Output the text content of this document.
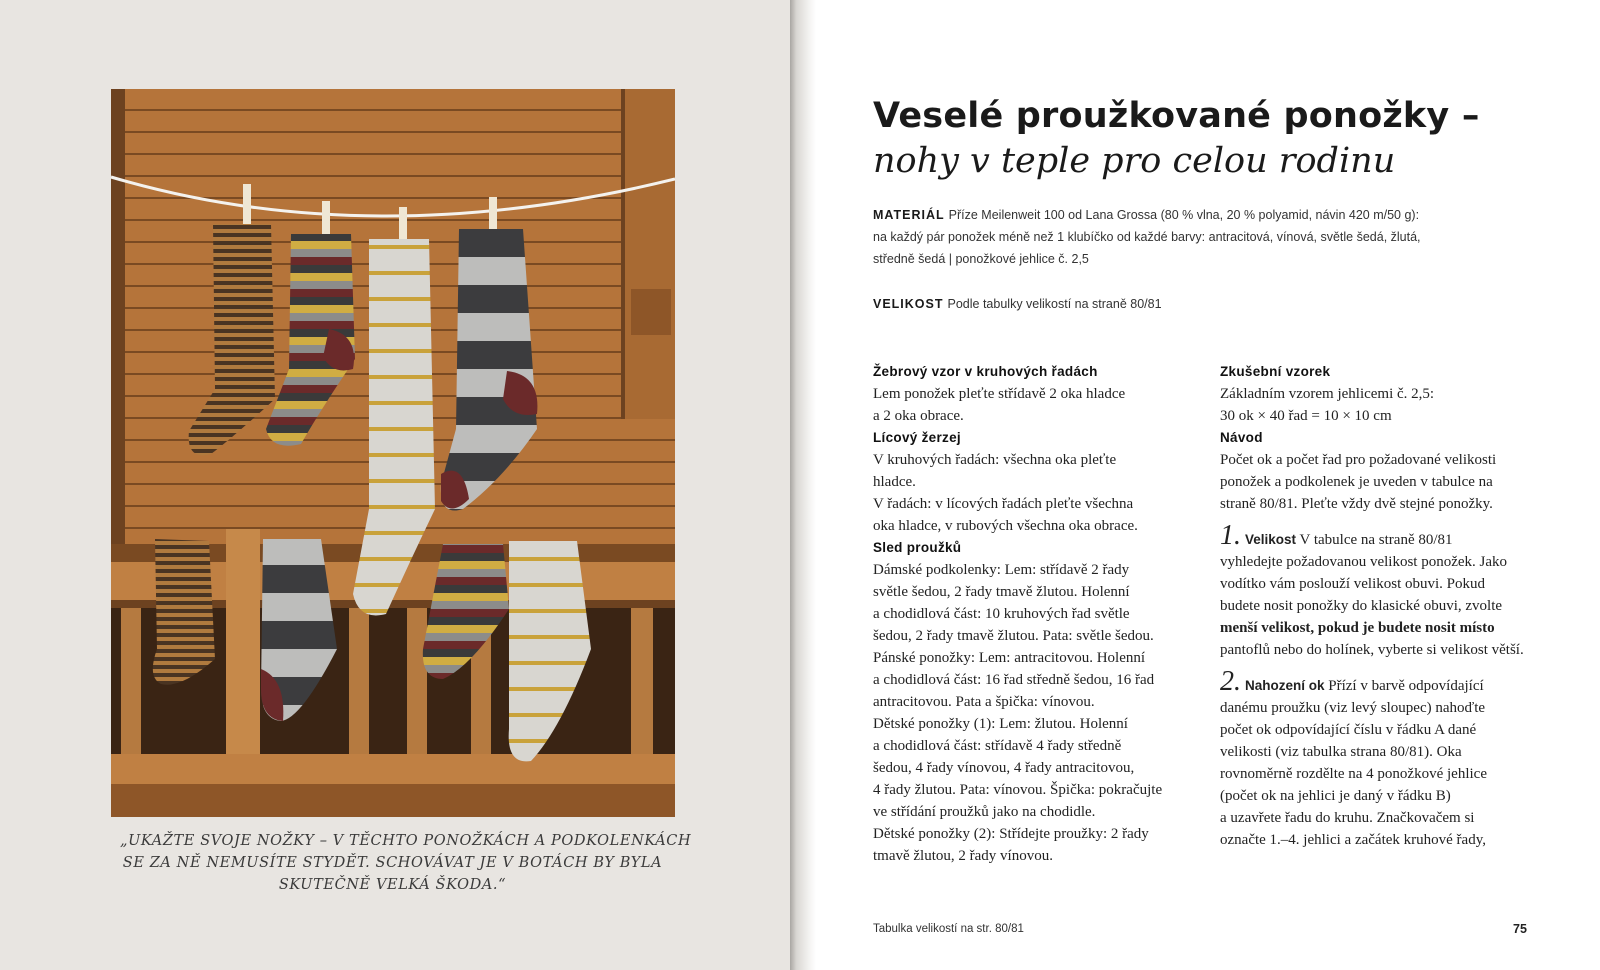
„UKAŽTE SVOJE NOŽKY – V TĚCHTO PONOŽKÁCH A PODKOLENKÁCH
SE ZA NĚ NEMUSÍTE STYDĚT. SCHOVÁVAT JE V BOTÁCH BY BYLA
SKUTEČNĚ VELKÁ ŠKODA.“
Veselé proužkované ponožky –
nohy v teple pro celou rodinu
MATERIÁL Příze Meilenweit 100 od Lana Grossa (80 % vlna, 20 % polyamid, návin 420 m/50 g):
na každý pár ponožek méně než 1 klubíčko od každé barvy: antracitová, vínová, světle šedá, žlutá,
středně šedá | ponožkové jehlice č. 2,5
VELIKOST Podle tabulky velikostí na straně 80/81
Žebrový vzor v kruhových řadách
Lem ponožek pleťte střídavě 2 oka hladce
a 2 oka obrace.
Lícový žerzej
V kruhových řadách: všechna oka pleťte
hladce.
V řadách: v lícových řadách pleťte všechna
oka hladce, v rubových všechna oka obrace.
Sled proužků
Dámské podkolenky: Lem: střídavě 2 řady
světle šedou, 2 řady tmavě žlutou. Holenní
a chodidlová část: 10 kruhových řad světle
šedou, 2 řady tmavě žlutou. Pata: světle šedou.
Pánské ponožky: Lem: antracitovou. Holenní
a chodidlová část: 16 řad středně šedou, 16 řad
antracitovou. Pata a špička: vínovou.
Dětské ponožky (1): Lem: žlutou. Holenní
a chodidlová část: střídavě 4 řady středně
šedou, 4 řady vínovou, 4 řady antracitovou,
4 řady žlutou. Pata: vínovou. Špička: pokračujte
ve střídání proužků jako na chodidle.
Dětské ponožky (2): Střídejte proužky: 2 řady
tmavě žlutou, 2 řady vínovou.
Zkušební vzorek
Základním vzorem jehlicemi č. 2,5:
30 ok × 40 řad = 10 × 10 cm
Návod
Počet ok a počet řad pro požadované velikosti
ponožek a podkolenek je uveden v tabulce na
straně 80/81. Pleťte vždy dvě stejné ponožky.
1. Velikost V tabulce na straně 80/81
vyhledejte požadovanou velikost ponožek. Jako
vodítko vám poslouží velikost obuvi. Pokud
budete nosit ponožky do klasické obuvi, zvolte
menší velikost, pokud je budete nosit místo
pantoflů nebo do holínek, vyberte si velikost větší.
2. Nahození ok Přízí v barvě odpovídající
danému proužku (viz levý sloupec) nahoďte
počet ok odpovídající číslu v řádku A dané
velikosti (viz tabulka strana 80/81). Oka
rovnoměrně rozdělte na 4 ponožkové jehlice
(počet ok na jehlici je daný v řádku B)
a uzavřete řadu do kruhu. Značkovačem si
označte 1.–4. jehlici a začátek kruhové řady,
Tabulka velikostí na str. 80/81	75
